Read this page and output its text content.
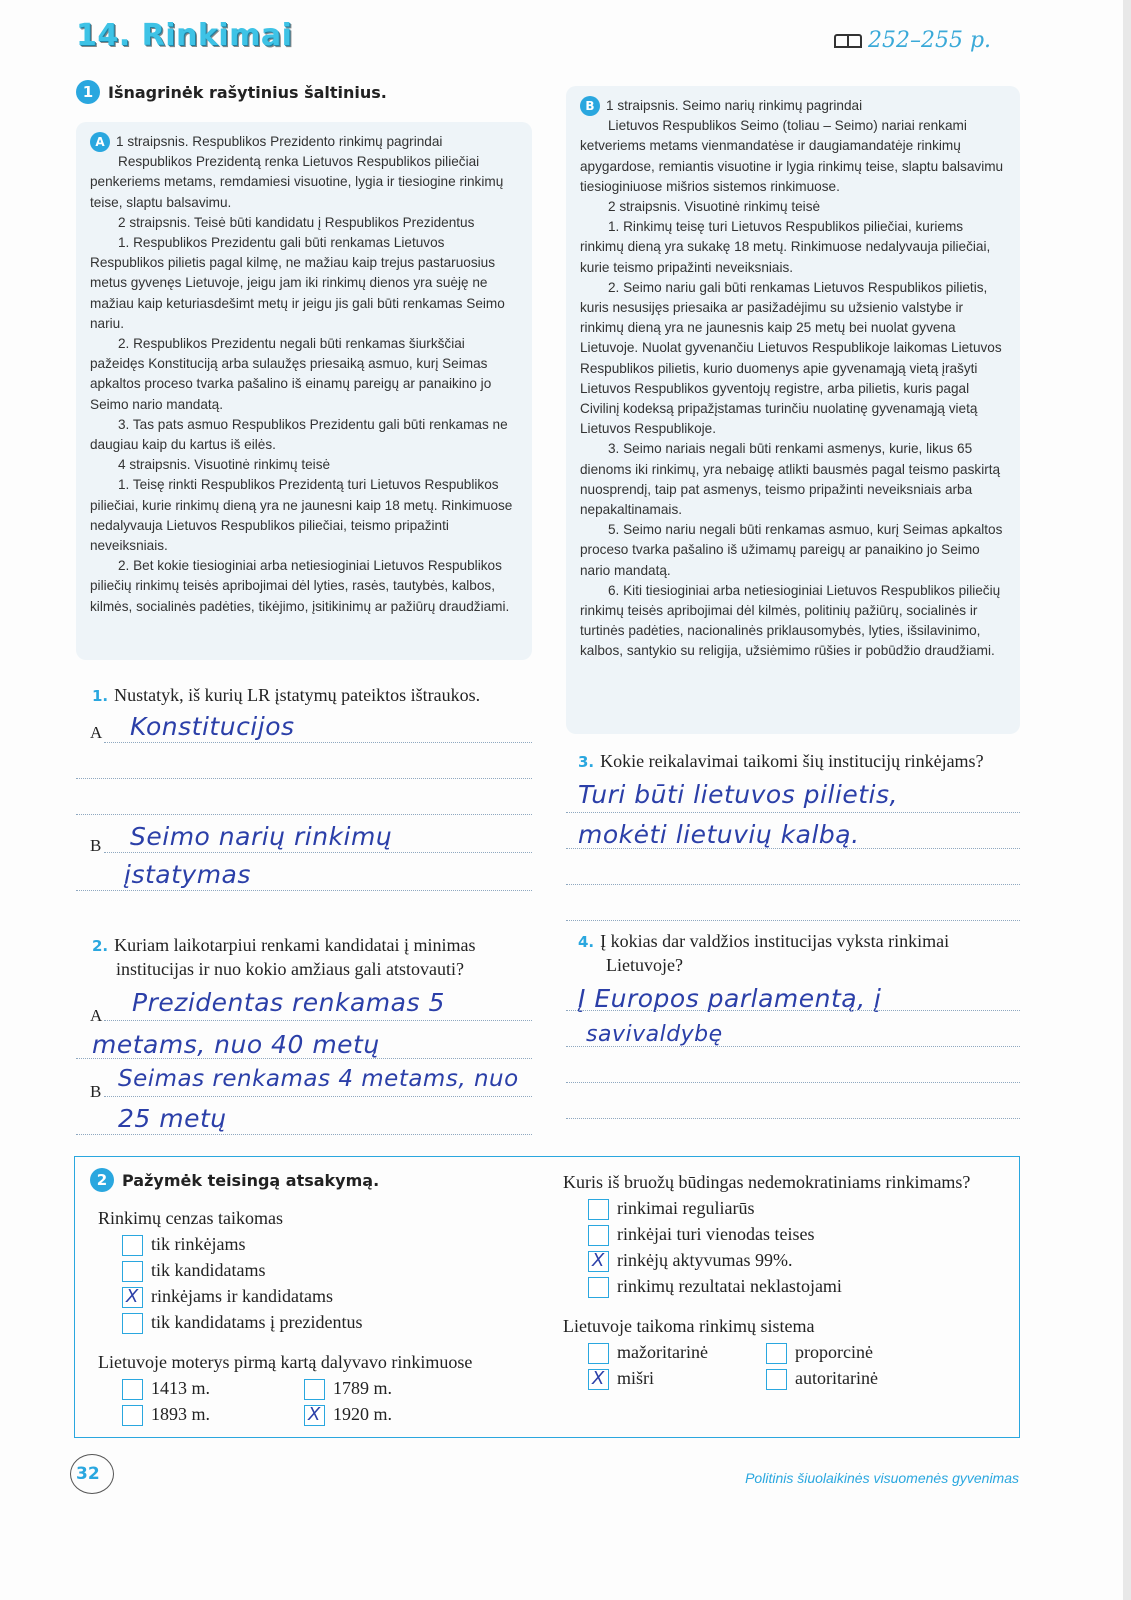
14. Rinkimai	252–255 p.
1 Išnagrinėk rašytinius šaltinius.

A 1 straipsnis. Respublikos Prezidento rinkimų pagrindai

Respublikos Prezidentą renka Lietuvos Respublikos piliečiai penkeriems metams, remdamiesi visuotine, lygia ir tiesiogine rinkimų teise, slaptu balsavimu.

2 straipsnis. Teisė būti kandidatu į Respublikos Prezidentus

1. Respublikos Prezidentu gali būti renkamas Lietuvos Respublikos pilietis pagal kilmę, ne mažiau kaip trejus pastaruosius metus gyvenęs Lietuvoje, jeigu jam iki rinkimų dienos yra suėję ne mažiau kaip keturiasdešimt metų ir jeigu jis gali būti renkamas Seimo nariu.

2. Respublikos Prezidentu negali būti renkamas šiurkščiai pažeidęs Konstituciją arba sulaužęs priesaiką asmuo, kurį Seimas apkaltos proceso tvarka pašalino iš einamų pareigų ar panaikino jo Seimo nario mandatą.

3. Tas pats asmuo Respublikos Prezidentu gali būti renkamas ne daugiau kaip du kartus iš eilės.

4 straipsnis. Visuotinė rinkimų teisė

1. Teisę rinkti Respublikos Prezidentą turi Lietuvos Respublikos piliečiai, kurie rinkimų dieną yra ne jaunesni kaip 18 metų. Rinkimuose nedalyvauja Lietuvos Respublikos piliečiai, teismo pripažinti neveiksniais.

2. Bet kokie tiesioginiai arba netiesioginiai Lietuvos Respublikos piliečių rinkimų teisės apribojimai dėl lyties, rasės, tautybės, kalbos, kilmės, socialinės padėties, tikėjimo, įsitikinimų ar pažiūrų draudžiami.

B 1 straipsnis. Seimo narių rinkimų pagrindai

Lietuvos Respublikos Seimo (toliau – Seimo) nariai renkami ketveriems metams vienmandatėse ir daugiamandatėje rinkimų apygardose, remiantis visuotine ir lygia rinkimų teise, slaptu balsavimu tiesioginiuose mišrios sistemos rinkimuose.

2 straipsnis. Visuotinė rinkimų teisė

1. Rinkimų teisę turi Lietuvos Respublikos piliečiai, kuriems rinkimų dieną yra sukakę 18 metų. Rinkimuose nedalyvauja piliečiai, kurie teismo pripažinti neveiksniais.

2. Seimo nariu gali būti renkamas Lietuvos Respublikos pilietis, kuris nesusijęs priesaika ar pasižadėjimu su užsienio valstybe ir rinkimų dieną yra ne jaunesnis kaip 25 metų bei nuolat gyvena Lietuvoje. Nuolat gyvenančiu Lietuvos Respublikoje laikomas Lietuvos Respublikos pilietis, kurio duomenys apie gyvenamąją vietą įrašyti Lietuvos Respublikos gyventojų registre, arba pilietis, kuris pagal Civilinį kodeksą pripažįstamas turinčiu nuolatinę gyvenamąją vietą Lietuvos Respublikoje.

3. Seimo nariais negali būti renkami asmenys, kurie, likus 65 dienoms iki rinkimų, yra nebaigę atlikti bausmės pagal teismo paskirtą nuosprendį, taip pat asmenys, teismo pripažinti neveiksniais arba nepakaltinamais.

5. Seimo nariu negali būti renkamas asmuo, kurį Seimas apkaltos proceso tvarka pašalino iš užimamų pareigų ar panaikino jo Seimo nario mandatą.

6. Kiti tiesioginiai arba netiesioginiai Lietuvos Respublikos piliečių rinkimų teisės apribojimai dėl kilmės, politinių pažiūrų, socialinės ir turtinės padėties, nacionalinės priklausomybės, lyties, išsilavinimo, kalbos, santykio su religija, užsiėmimo rūšies ir pobūdžio draudžiami.

1. Nustatyk, iš kurių LR įstatymų pateiktos ištraukos.
A Konstitucijos
B Seimo narių rinkimų
įstatymas
2. Kuriam laikotarpiui renkami kandidatai į minimas
institucijas ir nuo kokio amžiaus gali atstovauti?
A Prezidentas renkamas 5
metams, nuo 40 metų
B Seimas renkamas 4 metams, nuo
25 metų
3. Kokie reikalavimai taikomi šių institucijų rinkėjams?
Turi būti lietuvos pilietis,
mokėti lietuvių kalbą.
4. Į kokias dar valdžios institucijas vyksta rinkimai
Lietuvoje?
Į Europos parlamentą, į
savivaldybę
2 Pažymėk teisingą atsakymą.
Rinkimų cenzas taikomas
tik rinkėjams
tik kandidatams
Xrinkėjams ir kandidatams
tik kandidatams į prezidentus
Lietuvoje moterys pirmą kartą dalyvavo rinkimuose
1413 m.	1789 m.
1893 m.
X	1920 m.
Kuris iš bruožų būdingas nedemokratiniams rinkimams?
rinkimai reguliarūs
rinkėjai turi vienodas teises
Xrinkėjų aktyvumas 99%.
rinkimų rezultatai neklastojami
Lietuvoje taikoma rinkimų sistema
mažoritarinė	proporcinė
Xmišri	autoritarinė
32	Politinis šiuolaikinės visuomenės gyvenimas
